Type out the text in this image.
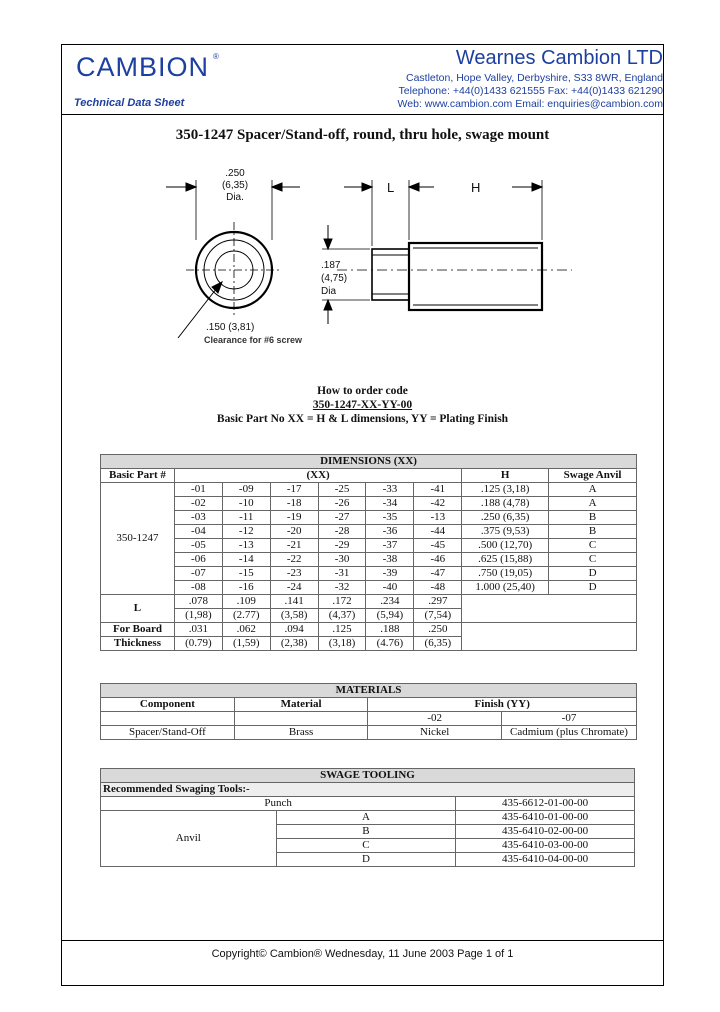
CAMBION ®
Technical Data Sheet
Wearnes Cambion LTD
Castleton, Hope Valley, Derbyshire, S33 8WR, England
Telephone: +44(0)1433 621555 Fax: +44(0)1433 621290
Web: www.cambion.com Email: enquiries@cambion.com
350-1247 Spacer/Stand-off, round, thru hole, swage mount
.250
(6,35)
Dia.
.150 (3,81)
Clearance for #6 screw
.187
(4,75)
Dia
L	H
How to order code
350-1247-XX-YY-00
Basic Part No XX = H & L dimensions, YY = Plating Finish
DIMENSIONS (XX)								
Basic Part #	(XX)						H	Swage Anvil
350-1247	-01	-09	-17	-25	-33	-41	.125 (3,18)	A
	-02	-10	-18	-26	-34	-42	.188 (4,78)	A
	-03	-11	-19	-27	-35	-13	.250 (6,35)	B
	-04	-12	-20	-28	-36	-44	.375 (9,53)	B
	-05	-13	-21	-29	-37	-45	.500 (12,70)	C
	-06	-14	-22	-30	-38	-46	.625 (15,88)	C
	-07	-15	-23	-31	-39	-47	.750 (19,05)	D
	-08	-16	-24	-32	-40	-48	1.000 (25,40)	D
L	.078	.109	.141	.172	.234	.297		
	(1,98)	(2.77)	(3,58)	(4,37)	(5,94)	(7,54)		
For Board	.031	.062	.094	.125	.188	.250		
Thickness	(0.79)	(1,59)	(2,38)	(3,18)	(4.76)	(6,35)		
MATERIALS			
Component	Material	Finish (YY)	
		-02	-07
Spacer/Stand-Off	Brass	Nickel	Cadmium (plus Chromate)
SWAGE TOOLING		
Recommended Swaging Tools:-		
Punch		435-6612-01-00-00
Anvil	A	435-6410-01-00-00
	B	435-6410-02-00-00
	C	435-6410-03-00-00
	D	435-6410-04-00-00
Copyright© Cambion® Wednesday, 11 June 2003 Page 1 of 1
